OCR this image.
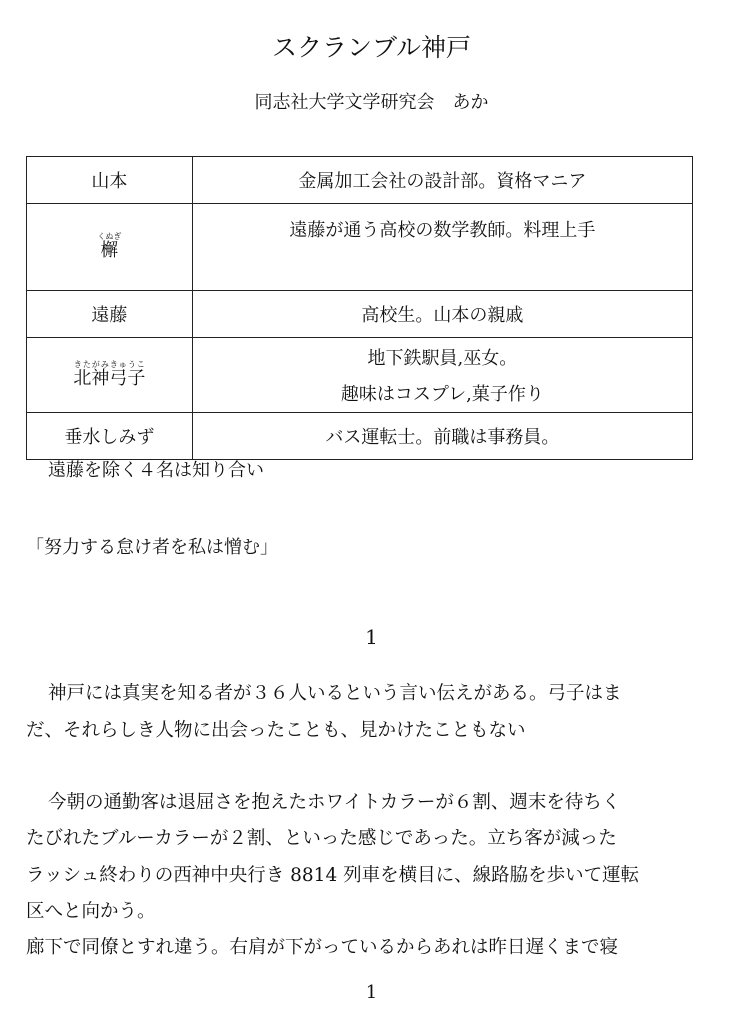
スクランブル神戸
同志社大学文学研究会　あか
山本	金属加工会社の設計部。資格マニア
檞くぬぎ	遠藤が通う高校の数学教師。料理上手
遠藤	高校生。山本の親戚
北神弓子きたがみきゅうこ	地下鉄駅員,巫女。
趣味はコスプレ,菓子作り

垂水しみず	バス運転士。前職は事務員。
遠藤を除く４名は知り合い
「努力する怠け者を私は憎む」
1
神戸には真実を知る者が３６人いるという言い伝えがある。弓子はま
だ、それらしき人物に出会ったことも、見かけたこともない
今朝の通勤客は退屈さを抱えたホワイトカラーが６割、週末を待ちく
たびれたブルーカラーが２割、といった感じであった。立ち客が減った
ラッシュ終わりの西神中央行き 8814 列車を横目に、線路脇を歩いて運転
区へと向かう。
廊下で同僚とすれ違う。右肩が下がっているからあれは昨日遅くまで寝
1
